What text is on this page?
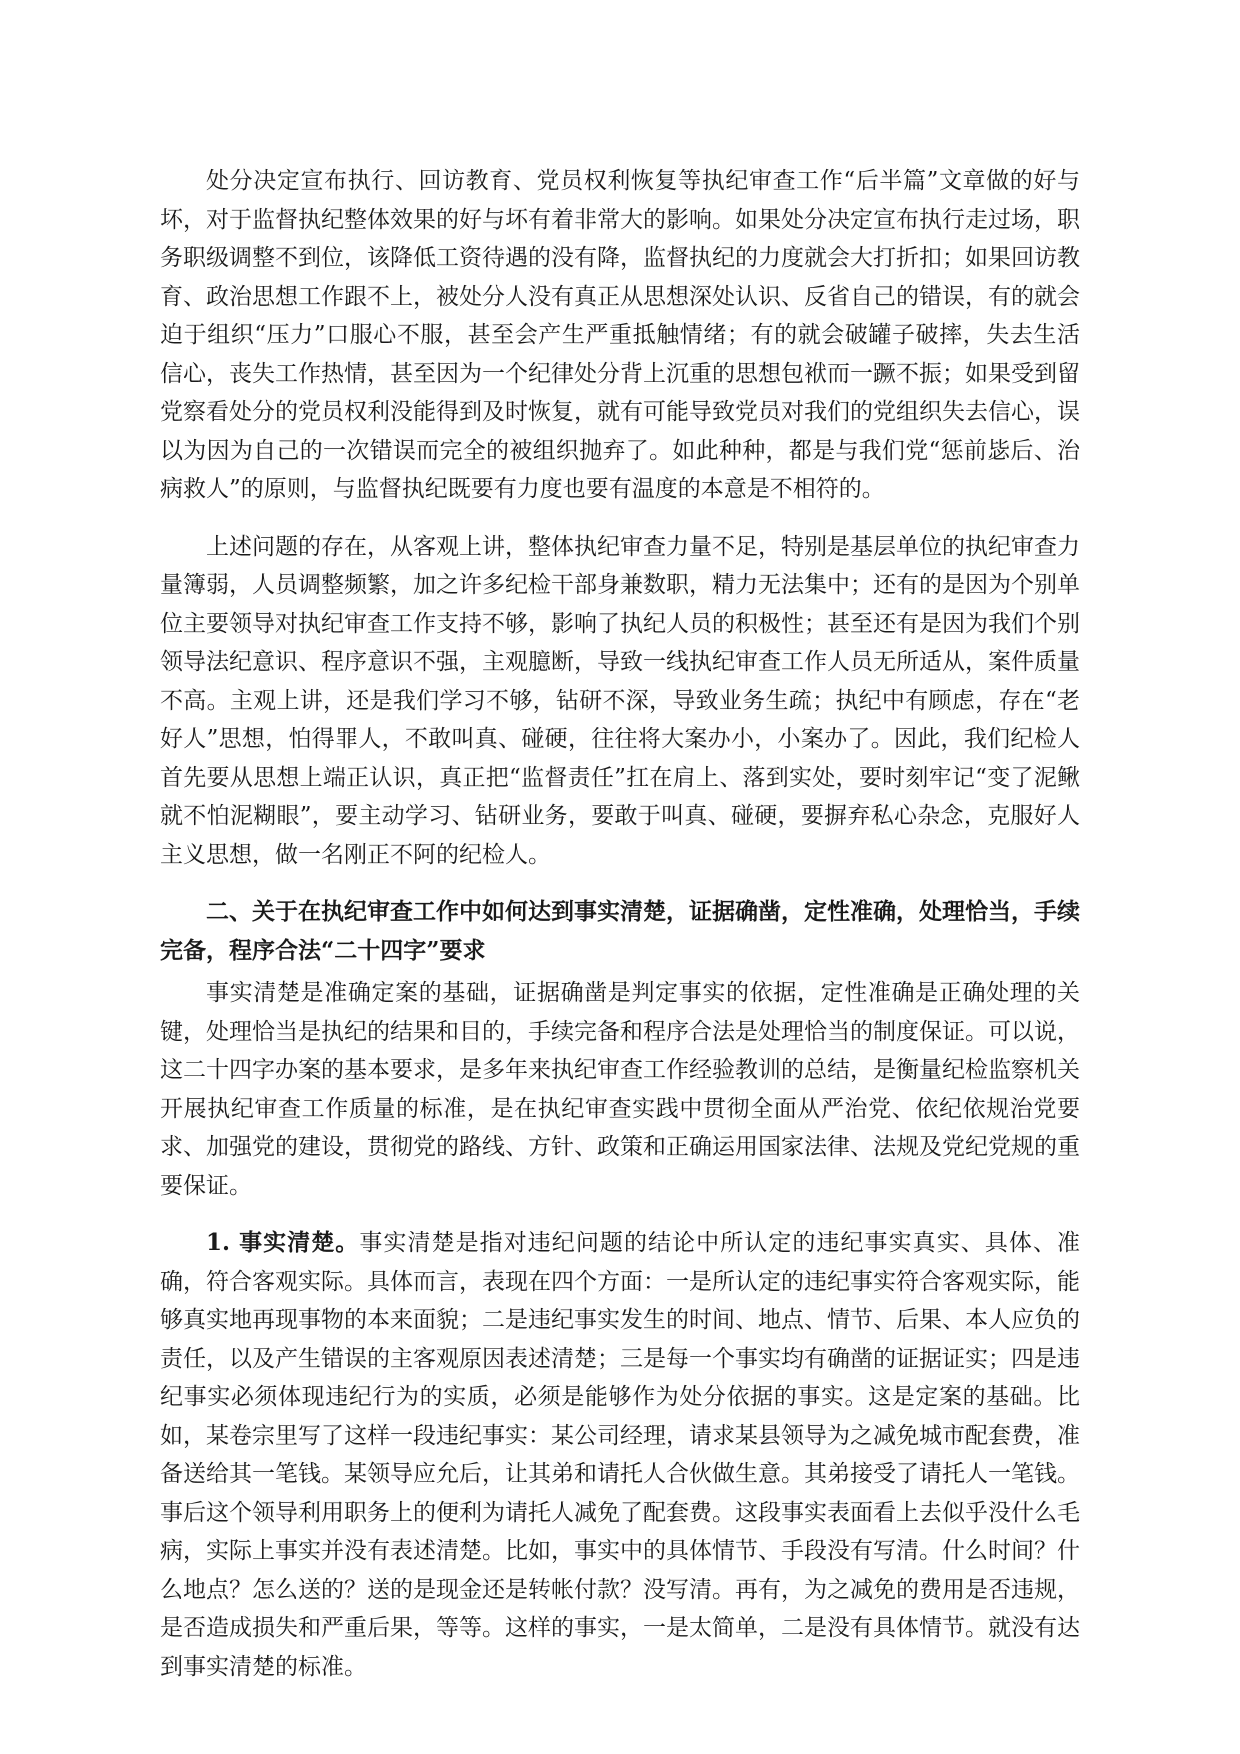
处分决定宣布执行、回访教育、党员权利恢复等执纪审查工作“后半篇”文章做的好与坏，对于监督执纪整体效果的好与坏有着非常大的影响。如果处分决定宣布执行走过场，职务职级调整不到位，该降低工资待遇的没有降，监督执纪的力度就会大打折扣；如果回访教育、政治思想工作跟不上，被处分人没有真正从思想深处认识、反省自己的错误，有的就会迫于组织“压力”口服心不服，甚至会产生严重抵触情绪；有的就会破罐子破摔，失去生活信心，丧失工作热情，甚至因为一个纪律处分背上沉重的思想包袱而一蹶不振；如果受到留党察看处分的党员权利没能得到及时恢复，就有可能导致党员对我们的党组织失去信心，误以为因为自己的一次错误而完全的被组织抛弃了。如此种种，都是与我们党“惩前毖后、治病救人”的原则，与监督执纪既要有力度也要有温度的本意是不相符的。

上述问题的存在，从客观上讲，整体执纪审查力量不足，特别是基层单位的执纪审查力量簿弱，人员调整频繁，加之许多纪检干部身兼数职，精力无法集中；还有的是因为个别单位主要领导对执纪审查工作支持不够，影响了执纪人员的积极性；甚至还有是因为我们个别领导法纪意识、程序意识不强，主观臆断，导致一线执纪审查工作人员无所适从，案件质量不高。主观上讲，还是我们学习不够，钻研不深，导致业务生疏；执纪中有顾虑，存在“老好人”思想，怕得罪人，不敢叫真、碰硬，往往将大案办小，小案办了。因此，我们纪检人首先要从思想上端正认识，真正把“监督责任”扛在肩上、落到实处，要时刻牢记“变了泥鳅就不怕泥糊眼”，要主动学习、钻研业务，要敢于叫真、碰硬，要摒弃私心杂念，克服好人主义思想，做一名刚正不阿的纪检人。

二、关于在执纪审查工作中如何达到事实清楚，证据确凿，定性准确，处理恰当，手续完备，程序合法“二十四字”要求

事实清楚是准确定案的基础，证据确凿是判定事实的依据，定性准确是正确处理的关键，处理恰当是执纪的结果和目的，手续完备和程序合法是处理恰当的制度保证。可以说，这二十四字办案的基本要求，是多年来执纪审查工作经验教训的总结，是衡量纪检监察机关开展执纪审查工作质量的标准，是在执纪审查实践中贯彻全面从严治党、依纪依规治党要求、加强党的建设，贯彻党的路线、方针、政策和正确运用国家法律、法规及党纪党规的重要保证。

1. 事实清楚。事实清楚是指对违纪问题的结论中所认定的违纪事实真实、具体、准确，符合客观实际。具体而言，表现在四个方面：一是所认定的违纪事实符合客观实际，能够真实地再现事物的本来面貌；二是违纪事实发生的时间、地点、情节、后果、本人应负的责任，以及产生错误的主客观原因表述清楚；三是每一个事实均有确凿的证据证实；四是违纪事实必须体现违纪行为的实质，必须是能够作为处分依据的事实。这是定案的基础。比如，某卷宗里写了这样一段违纪事实：某公司经理，请求某县领导为之减免城市配套费，准备送给其一笔钱。某领导应允后，让其弟和请托人合伙做生意。其弟接受了请托人一笔钱。事后这个领导利用职务上的便利为请托人减免了配套费。这段事实表面看上去似乎没什么毛病，实际上事实并没有表述清楚。比如，事实中的具体情节、手段没有写清。什么时间？什么地点？怎么送的？送的是现金还是转帐付款？没写清。再有，为之减免的费用是否违规，是否造成损失和严重后果，等等。这样的事实，一是太简单，二是没有具体情节。就没有达到事实清楚的标准。
